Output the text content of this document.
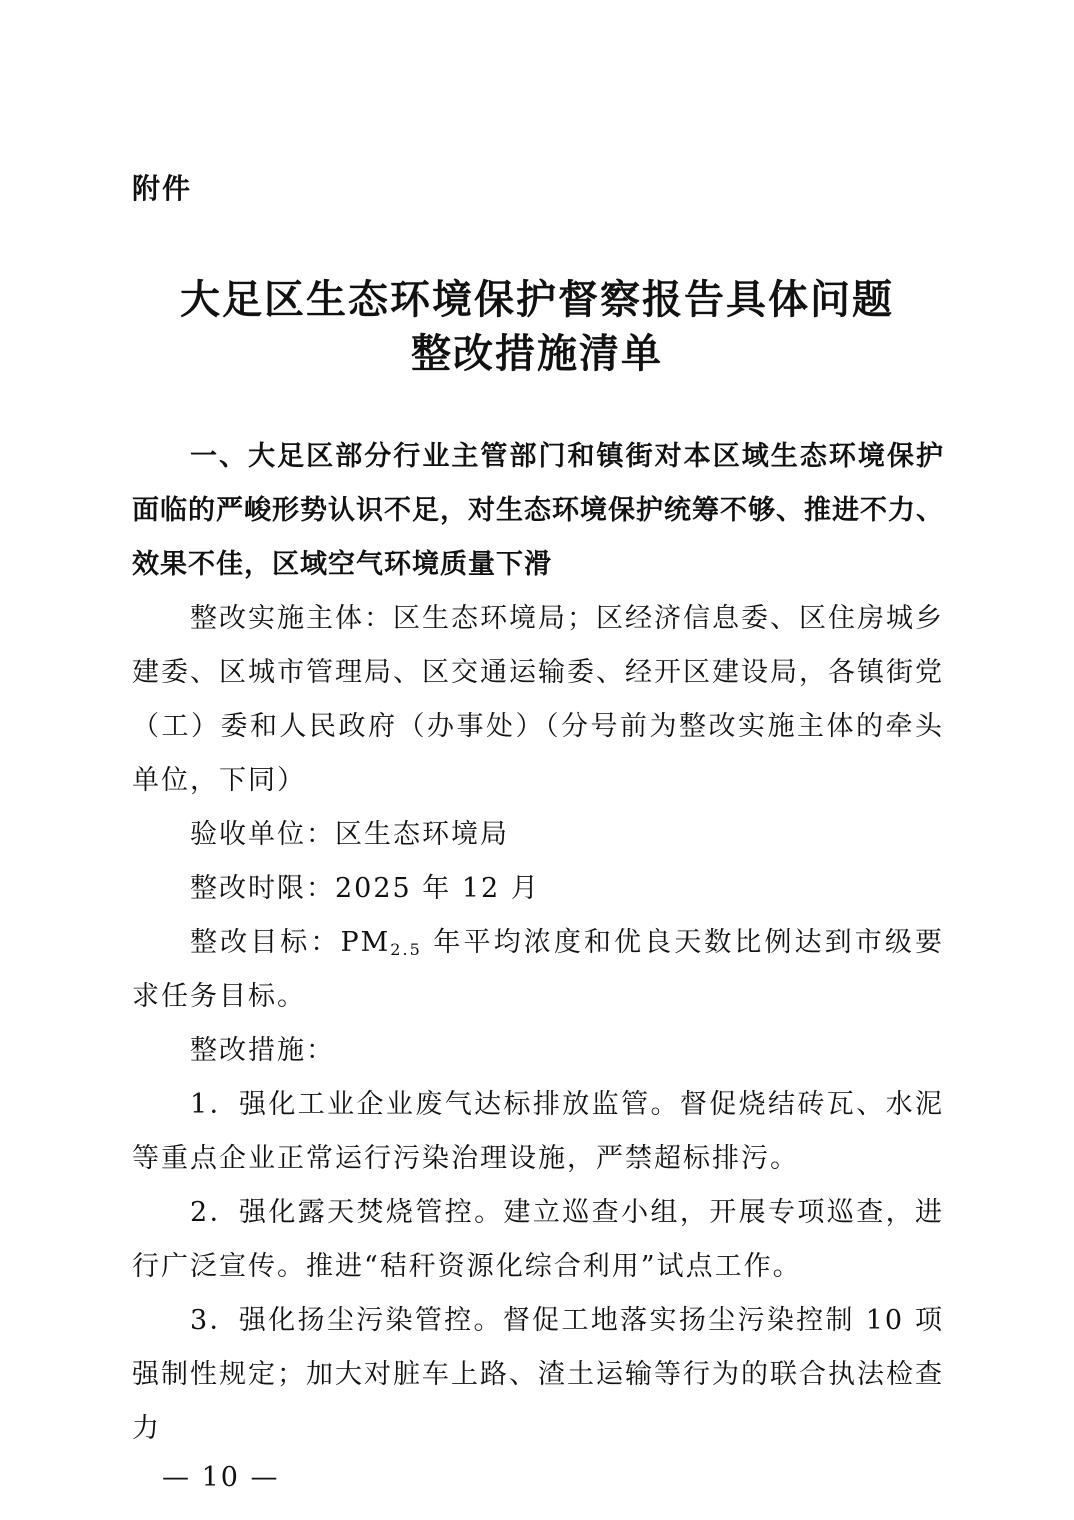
附件
大足区生态环境保护督察报告具体问题
整改措施清单
一、大足区部分行业主管部门和镇街对本区域生态环境保护面临的严峻形势认识不足，对生态环境保护统筹不够、推进不力、效果不佳，区域空气环境质量下滑

整改实施主体：区生态环境局；区经济信息委、区住房城乡建委、区城市管理局、区交通运输委、经开区建设局，各镇街党（工）委和人民政府（办事处）（分号前为整改实施主体的牵头单位，下同）

验收单位：区生态环境局

整改时限：2025 年 12 月

整改目标：$PM_{2.5}$ 年平均浓度和优良天数比例达到市级要求任务目标。

整改措施：

1．强化工业企业废气达标排放监管。督促烧结砖瓦、水泥等重点企业正常运行污染治理设施，严禁超标排污。

2．强化露天焚烧管控。建立巡查小组，开展专项巡查，进行广泛宣传。推进“秸秆资源化综合利用”试点工作。

3．强化扬尘污染管控。督促工地落实扬尘污染控制 10 项强制性规定；加大对脏车上路、渣土运输等行为的联合执法检查力

— 10 —
